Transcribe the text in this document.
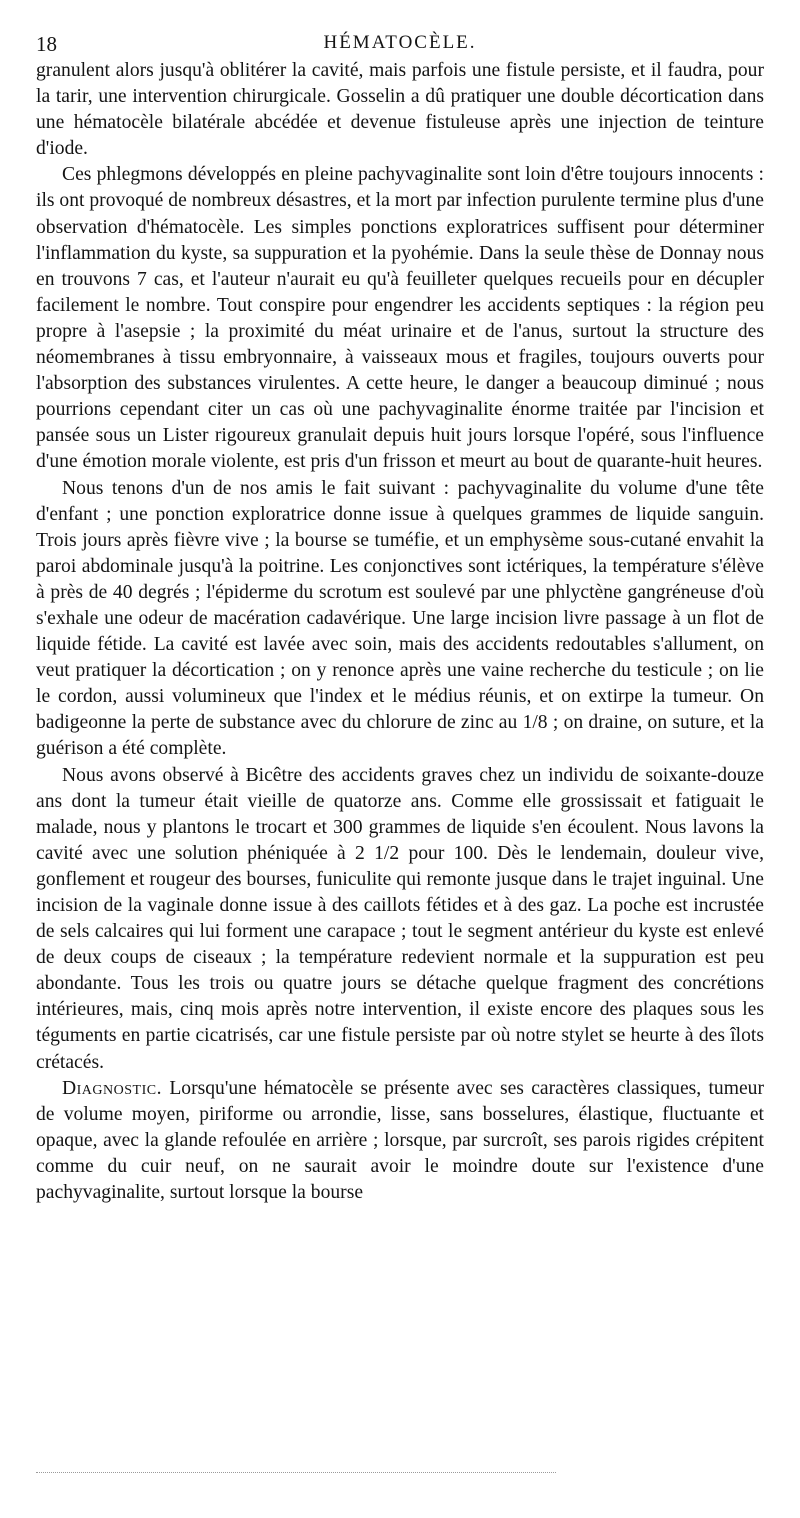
18	HÉMATOCÈLE.

granulent alors jusqu'à oblitérer la cavité, mais parfois une fistule persiste, et il faudra, pour la tarir, une intervention chirurgicale. Gosselin a dû pratiquer une double décortication dans une hématocèle bilatérale abcédée et devenue fistuleuse après une injection de teinture d'iode.

Ces phlegmons développés en pleine pachyvaginalite sont loin d'être toujours innocents : ils ont provoqué de nombreux désastres, et la mort par infection purulente termine plus d'une observation d'hématocèle. Les simples ponctions exploratrices suffisent pour déterminer l'inflammation du kyste, sa suppuration et la pyohémie. Dans la seule thèse de Donnay nous en trouvons 7 cas, et l'auteur n'aurait eu qu'à feuilleter quelques recueils pour en décupler facilement le nombre. Tout conspire pour engendrer les accidents septiques : la région peu propre à l'asepsie ; la proximité du méat urinaire et de l'anus, surtout la structure des néomembranes à tissu embryonnaire, à vaisseaux mous et fragiles, toujours ouverts pour l'absorption des substances virulentes. A cette heure, le danger a beaucoup diminué ; nous pourrions cependant citer un cas où une pachyvaginalite énorme traitée par l'incision et pansée sous un Lister rigoureux granulait depuis huit jours lorsque l'opéré, sous l'influence d'une émotion morale violente, est pris d'un frisson et meurt au bout de quarante-huit heures.

Nous tenons d'un de nos amis le fait suivant : pachyvaginalite du volume d'une tête d'enfant ; une ponction exploratrice donne issue à quelques grammes de liquide sanguin. Trois jours après fièvre vive ; la bourse se tuméfie, et un emphysème sous-cutané envahit la paroi abdominale jusqu'à la poitrine. Les conjonctives sont ictériques, la température s'élève à près de 40 degrés ; l'épiderme du scrotum est soulevé par une phlyctène gangréneuse d'où s'exhale une odeur de macération cadavérique. Une large incision livre passage à un flot de liquide fétide. La cavité est lavée avec soin, mais des accidents redoutables s'allument, on veut pratiquer la décortication ; on y renonce après une vaine recherche du testicule ; on lie le cordon, aussi volumineux que l'index et le médius réunis, et on extirpe la tumeur. On badigeonne la perte de substance avec du chlorure de zinc au 1/8 ; on draine, on suture, et la guérison a été complète.

Nous avons observé à Bicêtre des accidents graves chez un individu de soixante-douze ans dont la tumeur était vieille de quatorze ans. Comme elle grossissait et fatiguait le malade, nous y plantons le trocart et 300 grammes de liquide s'en écoulent. Nous lavons la cavité avec une solution phéniquée à 2 1/2 pour 100. Dès le lendemain, douleur vive, gonflement et rougeur des bourses, funiculite qui remonte jusque dans le trajet inguinal. Une incision de la vaginale donne issue à des caillots fétides et à des gaz. La poche est incrustée de sels calcaires qui lui forment une carapace ; tout le segment antérieur du kyste est enlevé de deux coups de ciseaux ; la température redevient normale et la suppuration est peu abondante. Tous les trois ou quatre jours se détache quelque fragment des concrétions intérieures, mais, cinq mois après notre intervention, il existe encore des plaques sous les téguments en partie cicatrisés, car une fistule persiste par où notre stylet se heurte à des îlots crétacés.

Diagnostic. Lorsqu'une hématocèle se présente avec ses caractères classiques, tumeur de volume moyen, piriforme ou arrondie, lisse, sans bosselures, élastique, fluctuante et opaque, avec la glande refoulée en arrière ; lorsque, par surcroît, ses parois rigides crépitent comme du cuir neuf, on ne saurait avoir le moindre doute sur l'existence d'une pachyvaginalite, surtout lorsque la bourse
